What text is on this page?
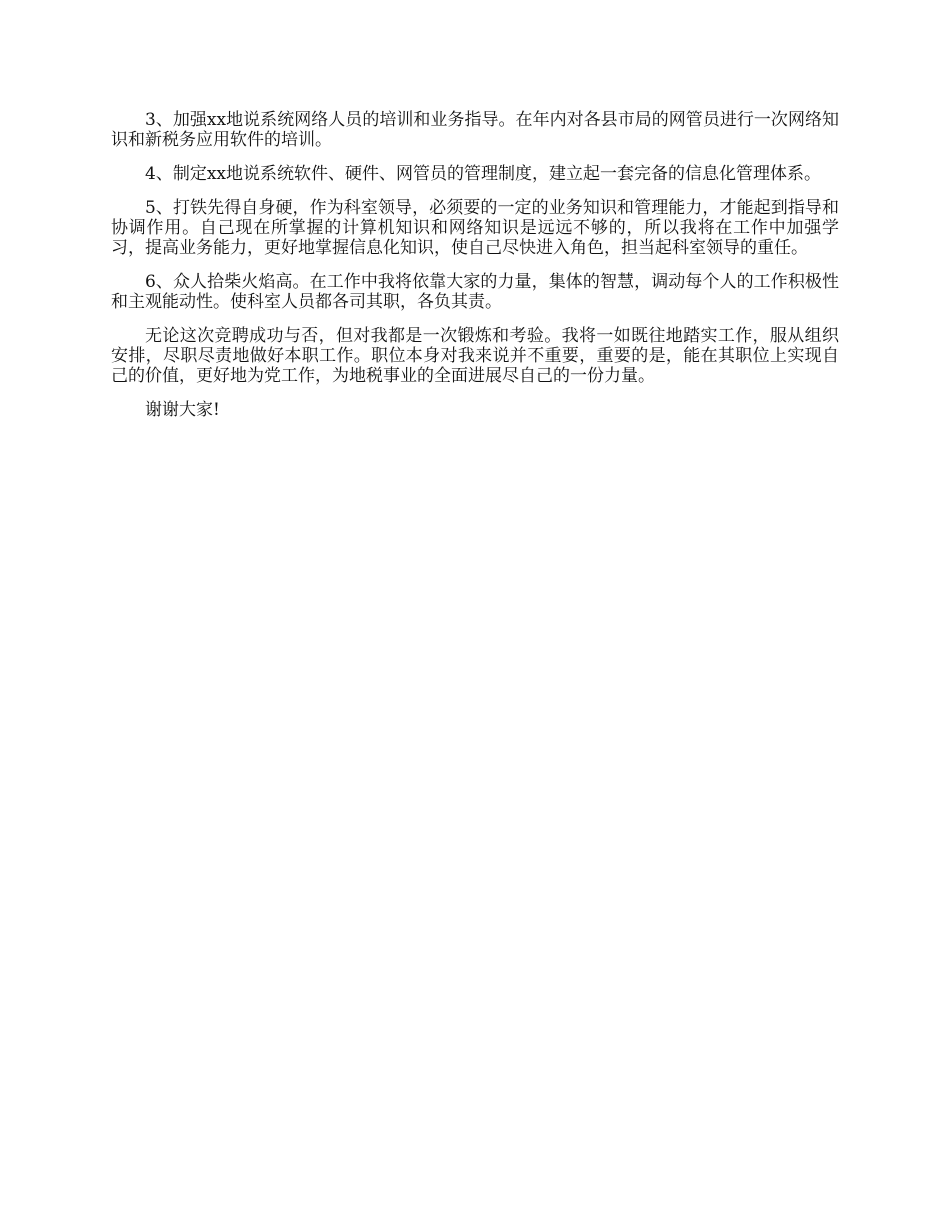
3、加强xx地说系统网络人员的培训和业务指导。在年内对各县市局的网管员进行一次网络知识和新税务应用软件的培训。

4、制定xx地说系统软件、硬件、网管员的管理制度，建立起一套完备的信息化管理体系。

5、打铁先得自身硬，作为科室领导，必须要的一定的业务知识和管理能力，才能起到指导和协调作用。自己现在所掌握的计算机知识和网络知识是远远不够的，所以我将在工作中加强学习，提高业务能力，更好地掌握信息化知识，使自己尽快进入角色，担当起科室领导的重任。

6、众人拾柴火焰高。在工作中我将依靠大家的力量，集体的智慧，调动每个人的工作积极性和主观能动性。使科室人员都各司其职，各负其责。

无论这次竞聘成功与否，但对我都是一次锻炼和考验。我将一如既往地踏实工作，服从组织安排，尽职尽责地做好本职工作。职位本身对我来说并不重要，重要的是，能在其职位上实现自己的价值，更好地为党工作，为地税事业的全面进展尽自己的一份力量。

谢谢大家!
